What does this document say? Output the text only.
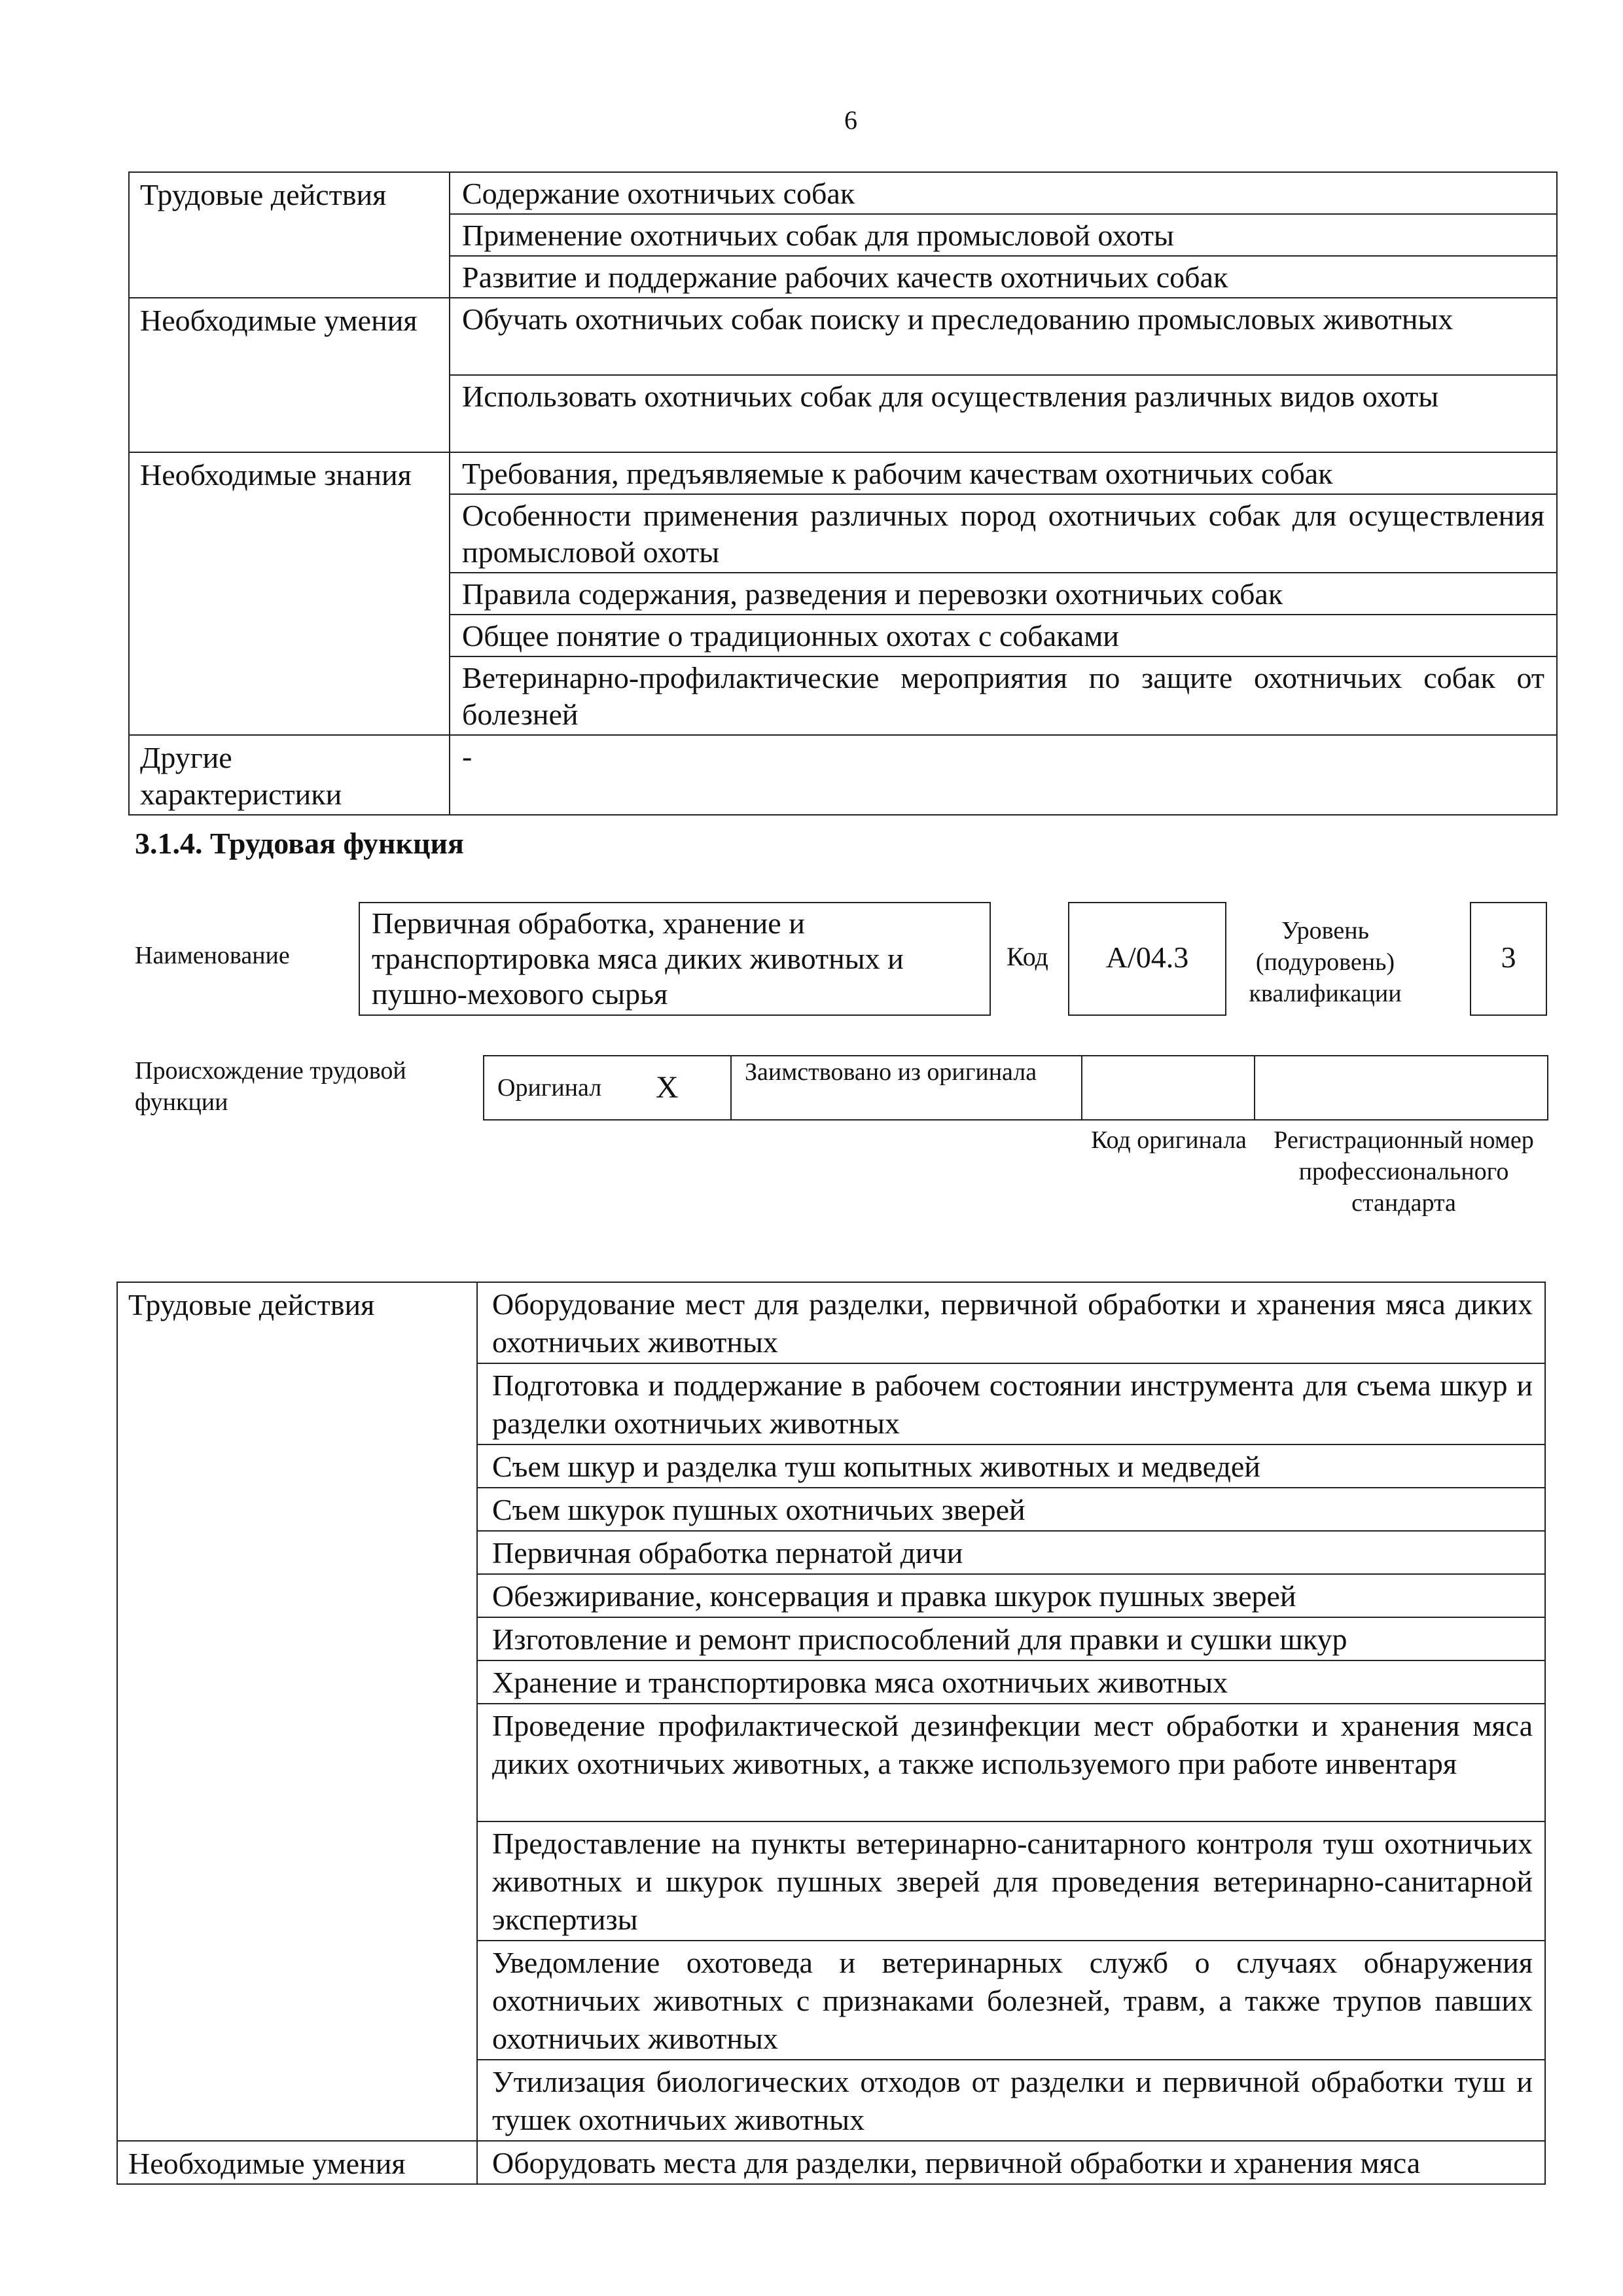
6
Трудовые действия	Содержание охотничьих собак
	Применение охотничьих собак для промысловой охоты
	Развитие и поддержание рабочих качеств охотничьих собак
Необходимые умения	Обучать охотничьих собак поиску и преследованию промысловых животных
	Использовать охотничьих собак для осуществления различных видов охоты
Необходимые знания	Требования, предъявляемые к рабочим качествам охотничьих собак
	Особенности применения различных пород охотничьих собак для осуществления промысловой охоты
	Правила содержания, разведения и перевозки охотничьих собак
	Общее понятие о традиционных охотах с собаками
	Ветеринарно-профилактические мероприятия по защите охотничьих собак от болезней
Другие характеристики	-
3.1.4. Трудовая функция
Наименование
Первичная обработка, хранение и транспортировка мяса диких животных и пушно-мехового сырья
Код	A/04.3
Уровень (подуровень) квалификации
3
Происхождение трудовой функции
Оригинал X	Заимствовано из оригинала
Код оригинала	Регистрационный номер профессионального стандарта
Трудовые действия	Оборудование мест для разделки, первичной обработки и хранения мяса диких охотничьих животных
	Подготовка и поддержание в рабочем состоянии инструмента для съема шкур и разделки охотничьих животных
	Съем шкур и разделка туш копытных животных и медведей
	Съем шкурок пушных охотничьих зверей
	Первичная обработка пернатой дичи
	Обезжиривание, консервация и правка шкурок пушных зверей
	Изготовление и ремонт приспособлений для правки и сушки шкур
	Хранение и транспортировка мяса охотничьих животных
	Проведение профилактической дезинфекции мест обработки и хранения мяса диких охотничьих животных, а также используемого при работе инвентаря
	Предоставление на пункты ветеринарно-санитарного контроля туш охотничьих животных и шкурок пушных зверей для проведения ветеринарно-санитарной экспертизы
	Уведомление охотоведа и ветеринарных служб о случаях обнаружения охотничьих животных с признаками болезней, травм, а также трупов павших охотничьих животных
	Утилизация биологических отходов от разделки и первичной обработки туш и тушек охотничьих животных
Необходимые умения	Оборудовать места для разделки, первичной обработки и хранения мяса
